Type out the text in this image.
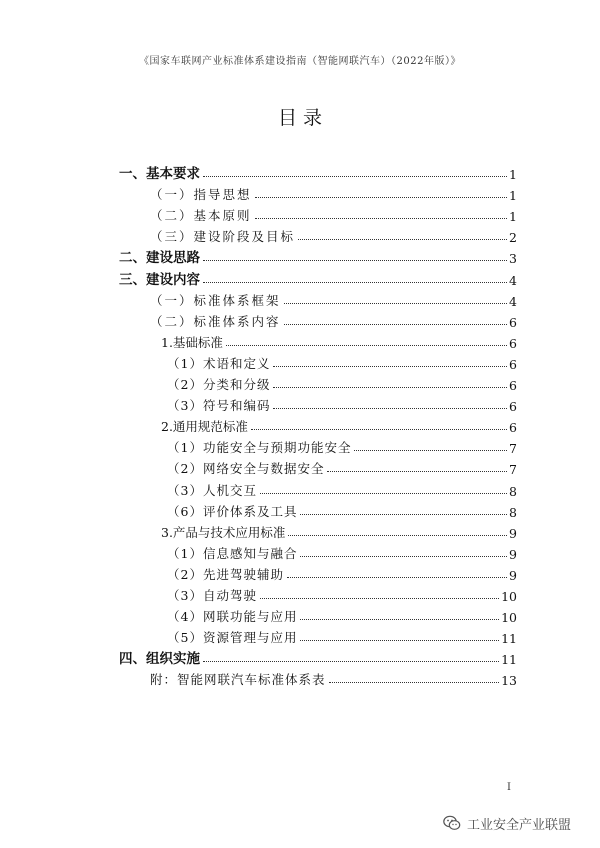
《国家车联网产业标准体系建设指南（智能网联汽车）（2022年版）》
目 录
一、基本要求	1
（一）指导思想	1
（二）基本原则	1
（三）建设阶段及目标	2
二、建设思路	3
三、建设内容	4
（一）标准体系框架	4
（二）标准体系内容	6
1.基础标准	6
（1）术语和定义	6
（2）分类和分级	6
（3）符号和编码	6
2.通用规范标准	6
（1）功能安全与预期功能安全	7
（2）网络安全与数据安全	7
（3）人机交互	8
（6）评价体系及工具	8
3.产品与技术应用标准	9
（1）信息感知与融合	9
（2）先进驾驶辅助	9
（3）自动驾驶	10
（4）网联功能与应用	10
（5）资源管理与应用	11
四、组织实施	11
附：智能网联汽车标准体系表	13
I
工业安全产业联盟
